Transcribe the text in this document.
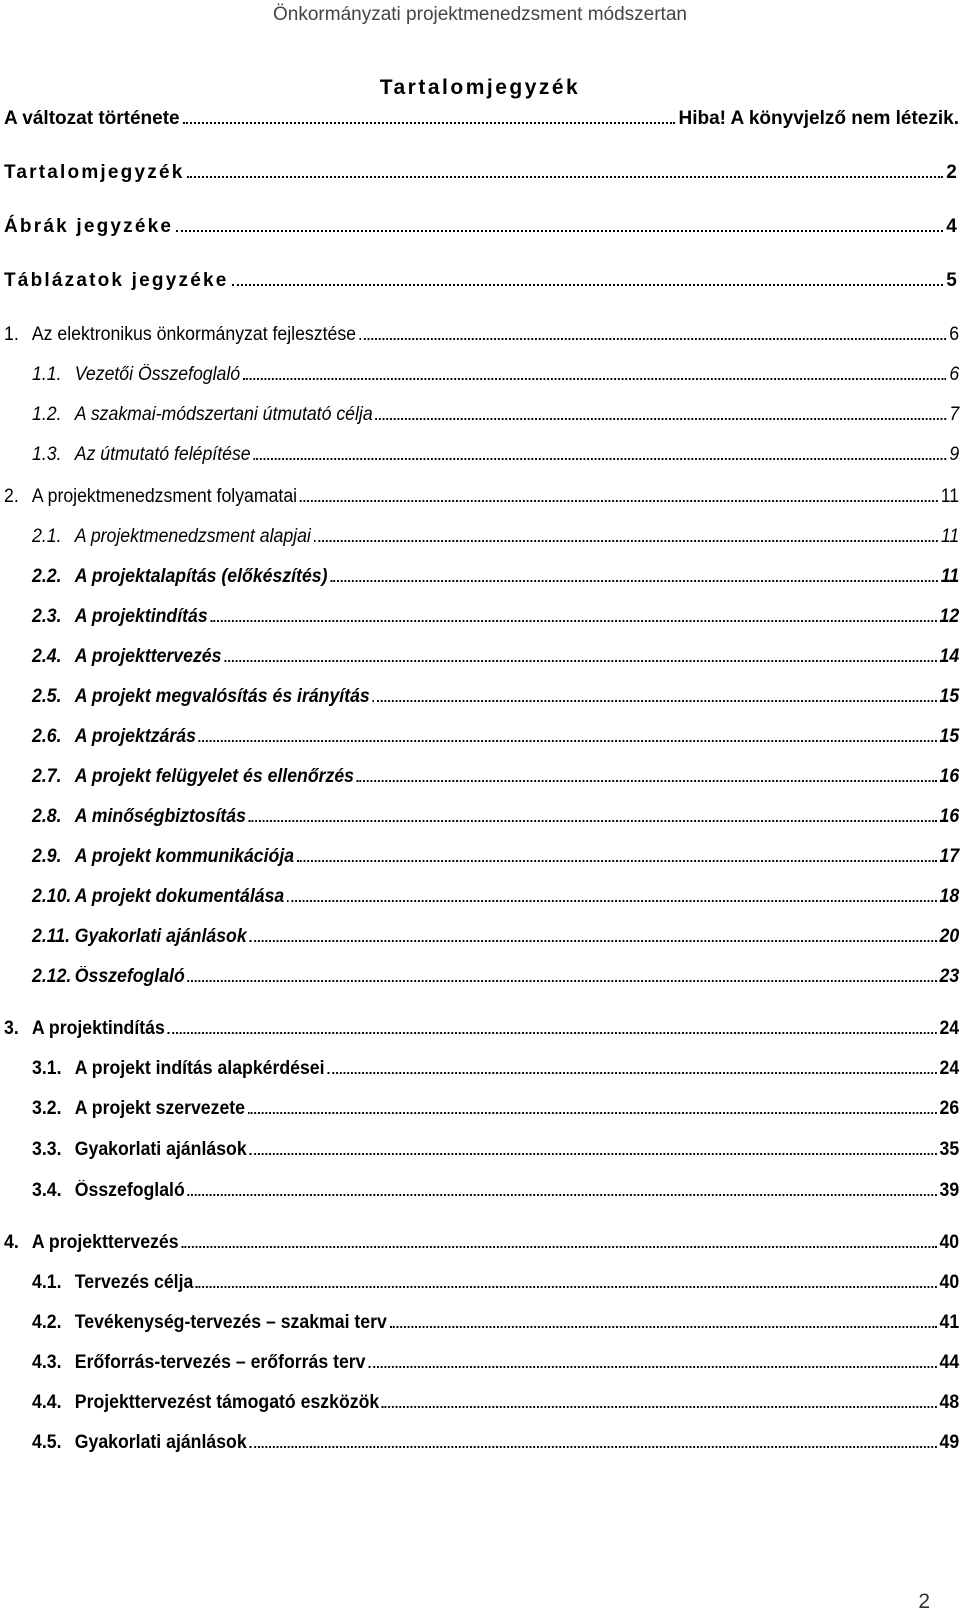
Önkormányzati projektmenedzsment módszertan
Tartalomjegyzék
A változat története	Hiba! A könyvjelző nem létezik.
Tartalomjegyzék	2
Ábrák jegyzéke	4
Táblázatok jegyzéke	5
1. Az elektronikus önkormányzat fejlesztése	6
1.1. Vezetői Összefoglaló	6
1.2. A szakmai-módszertani útmutató célja	7
1.3. Az útmutató felépítése	9
2. A projektmenedzsment folyamatai	11
2.1. A projektmenedzsment alapjai	11
2.2. A projektalapítás (előkészítés)	11
2.3. A projektindítás	12
2.4. A projekttervezés	14
2.5. A projekt megvalósítás és irányítás	15
2.6. A projektzárás	15
2.7. A projekt felügyelet és ellenőrzés	16
2.8. A minőségbiztosítás	16
2.9. A projekt kommunikációja	17
2.10. A projekt dokumentálása	18
2.11. Gyakorlati ajánlások	20
2.12. Összefoglaló	23
3. A projektindítás	24
3.1. A projekt indítás alapkérdései	24
3.2. A projekt szervezete	26
3.3. Gyakorlati ajánlások	35
3.4. Összefoglaló	39
4. A projekttervezés	40
4.1. Tervezés célja	40
4.2. Tevékenység-tervezés – szakmai terv	41
4.3. Erőforrás-tervezés – erőforrás terv	44
4.4. Projekttervezést támogató eszközök	48
4.5. Gyakorlati ajánlások	49
2
